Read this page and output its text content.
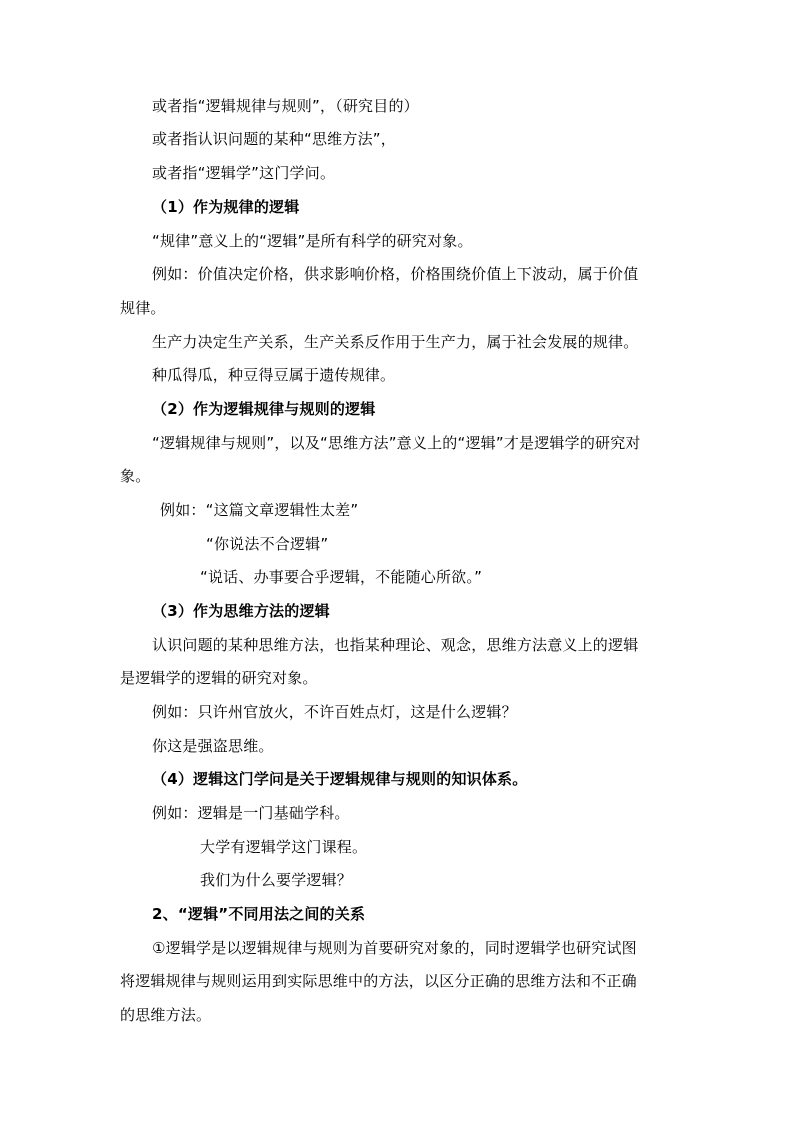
或者指“逻辑规律与规则”，（研究目的）
或者指认识问题的某种“思维方法”，
或者指“逻辑学”这门学问。
（1）作为规律的逻辑
“规律”意义上的“逻辑”是所有科学的研究对象。
例如：价值决定价格，供求影响价格，价格围绕价值上下波动，属于价值
规律。
生产力决定生产关系，生产关系反作用于生产力，属于社会发展的规律。
种瓜得瓜，种豆得豆属于遗传规律。
（2）作为逻辑规律与规则的逻辑
“逻辑规律与规则”，以及“思维方法”意义上的“逻辑”才是逻辑学的研究对
象。
例如：“这篇文章逻辑性太差”
“你说法不合逻辑”
“说话、办事要合乎逻辑，不能随心所欲。”
（3）作为思维方法的逻辑
认识问题的某种思维方法，也指某种理论、观念，思维方法意义上的逻辑
是逻辑学的逻辑的研究对象。
例如：只许州官放火，不许百姓点灯，这是什么逻辑？
你这是强盗思维。
（4）逻辑这门学问是关于逻辑规律与规则的知识体系。
例如：逻辑是一门基础学科。
大学有逻辑学这门课程。
我们为什么要学逻辑？
2、“逻辑”不同用法之间的关系
①逻辑学是以逻辑规律与规则为首要研究对象的，同时逻辑学也研究试图
将逻辑规律与规则运用到实际思维中的方法，以区分正确的思维方法和不正确
的思维方法。
